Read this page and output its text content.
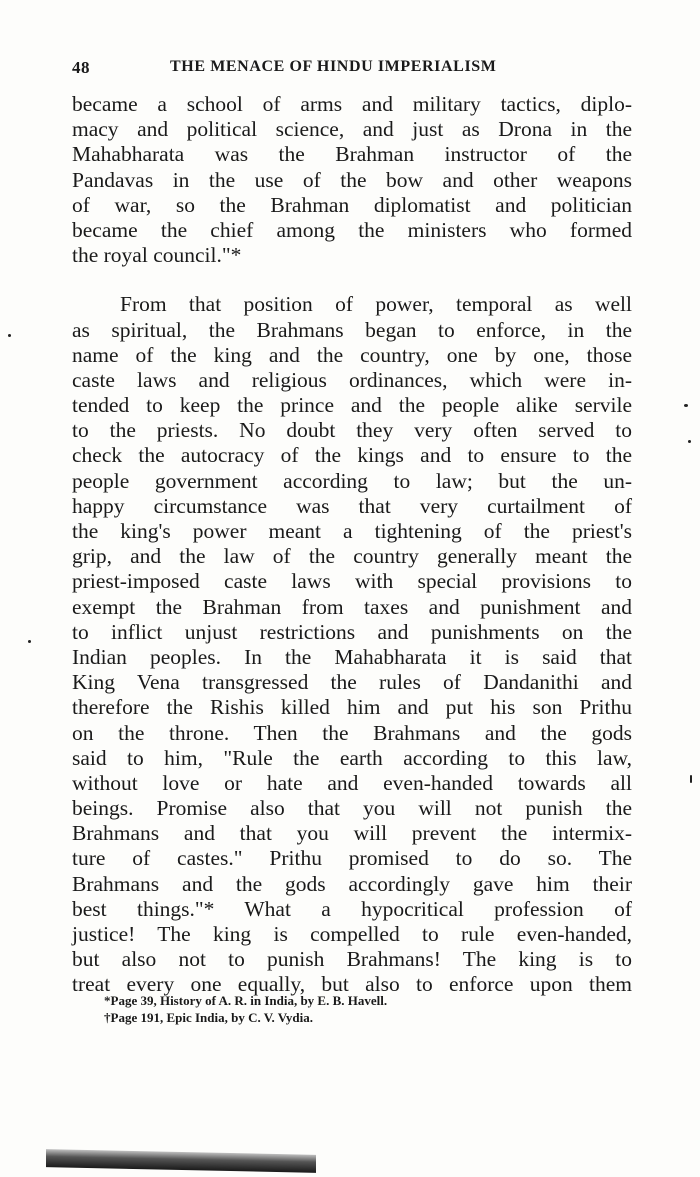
48	THE MENACE OF HINDU IMPERIALISM
became a school of arms and military tactics, diplo-
macy and political science, and just as Drona in the
Mahabharata was the Brahman instructor of the
Pandavas in the use of the bow and other weapons
of war, so the Brahman diplomatist and politician
became the chief among the ministers who formed
the royal council."*
From that position of power, temporal as well
as spiritual, the Brahmans began to enforce, in the
name of the king and the country, one by one, those
caste laws and religious ordinances, which were in-
tended to keep the prince and the people alike servile
to the priests. No doubt they very often served to
check the autocracy of the kings and to ensure to the
people government according to law; but the un-
happy circumstance was that very curtailment of
the king's power meant a tightening of the priest's
grip, and the law of the country generally meant the
priest-imposed caste laws with special provisions to
exempt the Brahman from taxes and punishment and
to inflict unjust restrictions and punishments on the
Indian peoples. In the Mahabharata it is said that
King Vena transgressed the rules of Dandanithi and
therefore the Rishis killed him and put his son Prithu
on the throne. Then the Brahmans and the gods
said to him, "Rule the earth according to this law,
without love or hate and even-handed towards all
beings. Promise also that you will not punish the
Brahmans and that you will prevent the intermix-
ture of castes." Prithu promised to do so. The
Brahmans and the gods accordingly gave him their
best things."* What a hypocritical profession of
justice! The king is compelled to rule even-handed,
but also not to punish Brahmans! The king is to
treat every one equally, but also to enforce upon them
*Page 39, History of A. R. in India, by E. B. Havell.
†Page 191, Epic India, by C. V. Vydia.
